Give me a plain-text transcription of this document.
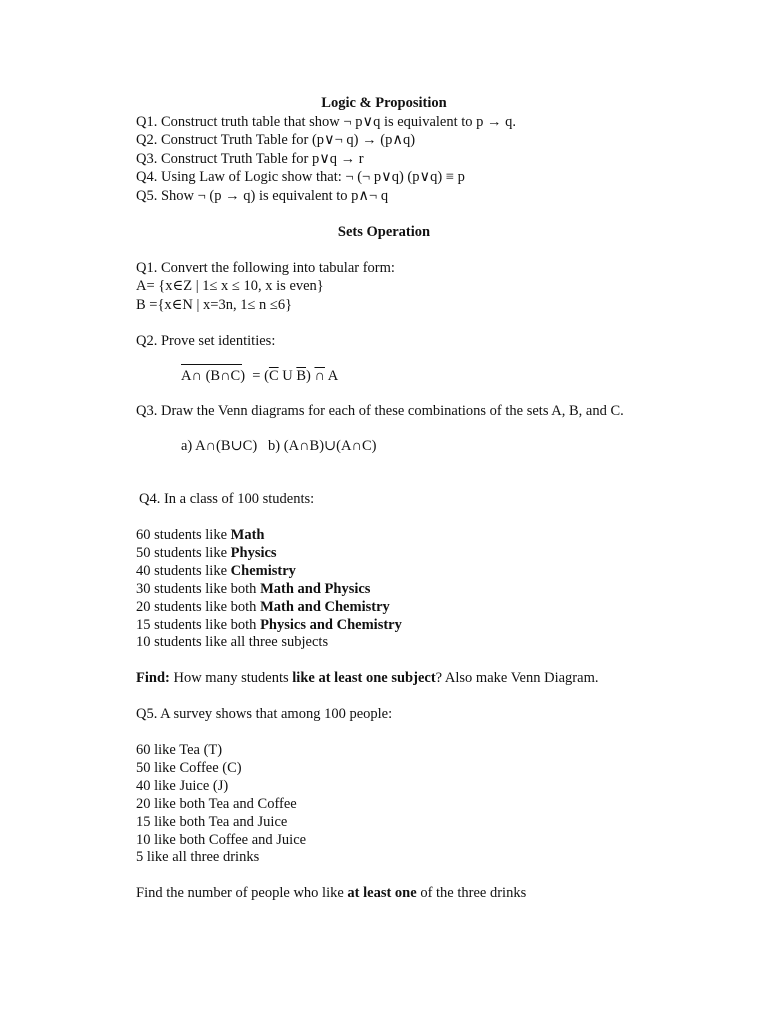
Logic & Proposition
Q1. Construct truth table that show ¬ p∨q is equivalent to p → q.
Q2. Construct Truth Table for (p∨¬ q) → (p∧q)
Q3. Construct Truth Table for p∨q → r
Q4. Using Law of Logic show that: ¬ (¬ p∨q) (p∨q) ≡ p
Q5. Show ¬ (p → q) is equivalent to p∧¬ q
Sets Operation
Q1. Convert the following into tabular form:
A= {x∈Z | 1≤ x ≤ 10, x is even}
B ={x∈N | x=3n, 1≤ n ≤6}
Q2. Prove set identities:
A∩ (B∩C)  = ($\overline{C}$ U $\overline{B}$) ∩ A
Q3. Draw the Venn diagrams for each of these combinations of the sets A, B, and C.
a) A∩(B∪C)   b) (A∩B)∪(A∩C)
Q4. In a class of 100 students:
60 students like Math
50 students like Physics
40 students like Chemistry
30 students like both Math and Physics
20 students like both Math and Chemistry
15 students like both Physics and Chemistry
10 students like all three subjects
Find: How many students like at least one subject? Also make Venn Diagram.
Q5. A survey shows that among 100 people:
60 like Tea (T)
50 like Coffee (C)
40 like Juice (J)
20 like both Tea and Coffee
15 like both Tea and Juice
10 like both Coffee and Juice
5 like all three drinks
Find the number of people who like at least one of the three drinks
